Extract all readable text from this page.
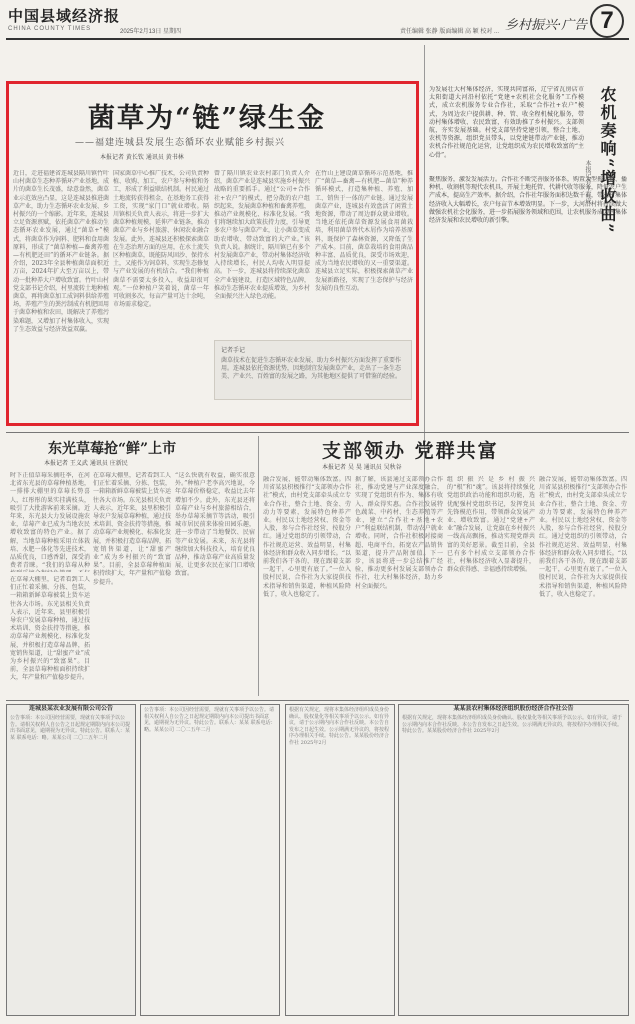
中国县域经济报
CHINA COUNTY TIMES	2025年2月13日 星期四	责任编辑 张静 版面编辑 高 颖 校对 ... 乡村振兴·广告 7
菌草为“链”绿生金
——福建连城县发展生态循环农业赋能乡村振兴
本报记者 黄长钦 通讯员 黄书林
近日，走进福建省连城县隔川镇竹叶山村菌草生态种养循环产业基地，成片的菌草生长茂盛，绿意盎然，菌草业示范效应凸显，这是连城县推进菌草产业，助力生态循环农业发展、乡村振兴的一个缩影。近年来，连城县立足资源禀赋，依托菌草产业推动生态循环农业发展，通过“菌草+”模式，将菌草作为饲料、肥料和食用菌原料，形成了“菌草种植—畜禽养殖—有机肥还田”的循环产业链条。据介绍，2023年全县种植菌草面积近万亩，2024年扩大至万亩以上，带动一批种养大户增收致富。竹叶山村党支部书记介绍，村里流转土地种植菌草，再将菌草加工成饲料供给养殖场，养殖产生的粪污制成有机肥回用于菌草种植和农田，既解决了养殖污染难题，又增加了村集体收入，实现了生态效益与经济效益双赢。
国家菌草中心推广技术，公司负责种植、收购、加工，农户参与种植和务工，形成了利益联结机制。村民通过土地流转获得租金，在基地务工获得工资，实现“家门口”就业增收。隔川镇相关负责人表示，将进一步扩大菌草种植规模，延伸产业链条，推动菌草产业与乡村旅游、休闲农业融合发展。此外，连城县还积极探索菌草在生态治理方面的应用，在水土流失区种植菌草，既能防风固沙、保持水土，又能作为饲草料，实现生态修复与产业发展的有机结合。“我们种植菌草不需要太多投入，收益却很可观。”一位种植户笑着说，菌草一年可收割多次，每亩产量可达十余吨，市场需求稳定。
曾了隔川镇农业农村部门负责人介绍，菌草产业是连城县实施乡村振兴战略的重要抓手。通过“公司+合作社+农户”的模式，把分散的农户组织起来，发展菌草种植和畜禽养殖，推动产业规模化、标准化发展。“我们将继续加大政策扶持力度，引导更多农户参与菌草产业，让小菌草变成助农增收、带动致富的大产业。”该负责人说。据统计，隔川镇已有多个村发展菌草产业，带动村集体经济收入持续增长，村民人均收入明显提高。下一步，连城县将持续深化菌草全产业链建设，打造区域特色品牌，推动生态循环农业提质增效，为乡村全面振兴注入绿色动能。
在竹山上建设菌草循环示范基地，推广“菌草—畜禽—有机肥—菌草”种养循环模式，打造集种植、养殖、加工、销售于一体的产业链。通过发展菌草产业，连城县有效盘活了闲置土地资源，带动了周边群众就业增收。当地还依托菌草资源发展食用菌栽培，利用菌草替代木屑作为培养基原料，既保护了森林资源，又降低了生产成本。目前，菌草栽培的食用菌品种丰富、品质优良，深受市场欢迎，成为当地农民增收的又一重要渠道。连城县立足实际，积极探索菌草产业发展新路径，实现了生态保护与经济发展的良性互动。
记者手记
菌草技术在促进生态循环农业发展、助力乡村振兴方面发挥了重要作用。连城县依托资源优势，因地制宜发展菌草产业，走出了一条生态美、产业兴、百姓富的发展之路，为其他地区提供了可借鉴的经验。
为发展壮大村集体经济，实现共同富裕，辽宁省瓦房店市太阳街道大河沿村依托“党建+农机社会化服务”工作模式，成立农机服务专业合作社，采取“合作社+农户”模式，为周边农户提供耕、种、管、收全程机械化服务，带动村集体增收、农民致富，有效助推了乡村振兴。支部领航，夯实发展基础。村党支部坚持党建引领，整合土地、农机等资源，组织党员带头，以党建链带动产业链，推动农机合作社规范化运营，让党组织成为农民增收致富的“主心骨”。	农机奏响“增收曲”
本报记者 王有成
聚焦服务，激发发展活力。合作社不断完善服务体系，购置大型拖拉机、播种机、收割机等现代农机具，开展土地托管、代耕代收等服务，降低农户生产成本，提高生产效率。据介绍，合作社年服务面积达数千亩，带动村集体经济收入大幅增长，农户每亩节本增效明显。下一步，大河沿村将持续做大做强农机社会化服务，进一步拓展服务领域和范围，让农机服务成为村集体经济发展和农民增收的新引擎。
东光草莓抢“鲜”上市
本报记者 王义武 通讯员 庄新民
时下正值草莓采摘旺季，在河北省东光县的草莓种植基地，一排排大棚里的草莓长势喜人，红彤彤的果实挂满枝头，吸引了大批游客前来采摘。近年来，东光县大力发展设施农业，草莓产业已成为当地农民增收致富的特色产业。据了解，当地草莓种植采用立体栽培、水肥一体化等先进技术，品质优良，口感香甜，深受消费者青睐。“我们的草莓从种
在草莓大棚里，记者看到工人们正忙着采摘、分拣、包装，一箱箱新鲜草莓被装上货车运往各大市场。东光县相关负责人表示，近年来，县里积极引导农户发展草莓种植，通过技术培训、资金扶持等措施，推动草莓产业规模化、标准化发展，并积极打造草莓品牌，拓宽销售渠道，让“甜蜜产业”成为乡村振兴的“致富果”。目前，全县草莓种植面积持续扩大，年产量和产值稳步提升。
在草莓大棚里，记者看到工人们正忙着采摘、分拣、包装，一箱箱新鲜草莓被装上货车运往各大市场。东光县相关负责人表示，近年来，县里积极引导农户发展草莓种植，通过技术培训、资金扶持等措施，推动草莓产业规模化、标准化发展，并积极打造草莓品牌，拓宽销售渠道，让“甜蜜产业”成为乡村振兴的“致富果”。目前，全县草莓种植面积持续扩大，年产量和产值稳步提升。
“这么快就有收益，确实很意外。”种植户老李高兴地说，今年草莓价格稳定，收益比去年增加不少。此外，东光县还将草莓产业与乡村旅游相结合，举办草莓采摘节等活动，吸引城市居民前来体验田园乐趣，进一步带动了当地餐饮、民宿等产业发展。未来，东光县将继续加大科技投入，培育优良品种，推动草莓产业高质量发展，让更多农民在家门口增收致富。
支部领办 党群共富
本报记者 吴 昊 通讯员 吴秋谷
融合发展，能带动集体致富。四川省某县积极推行“支部领办合作社”模式，由村党支部牵头成立专业合作社，整合土地、资金、劳动力等要素，发展特色种养产业。村民以土地经营权、资金等入股，参与合作社经营，按股分红。通过党组织的引领带动，合作社规范运营、效益明显，村集体经济和群众收入同步增长。“以前我们各干各的，现在跟着支部一起干，心里更有底了。”一位入股村民说，合作社为大家提供技术指导和销售渠道，种植风险降低了，收入也稳定了。
据了解，该县通过支部领办合作社，推动党建与产业深度融合，实现了党组织有作为、集体有收入、群众得实惠。合作社发展特色蔬菜、中药材、生态养殖等产业，建立“合作社+基地+农户”利益联结机制，带动农户就业增收。同时，合作社积极对接商超、电商平台，拓宽农产品销售渠道，提升产品附加值。下一步，该县将进一步总结推广经验，推动更多村发展支部领办合作社，壮大村集体经济，助力乡村全面振兴。
组织振兴是乡村振兴的“根”和“魂”。该县将持续强化党组织政治功能和组织功能，选优配强村党组织书记，发挥党员先锋模范作用，带领群众发展产业、增收致富。通过“党建+产业”融合发展，让党旗在乡村振兴一线高高飘扬，推动实现党群共富的美好愿景。截至目前，全县已有多个村成立支部领办合作社，村集体经济收入显著提升，群众获得感、幸福感持续增强。
融合发展，能带动集体致富。四川省某县积极推行“支部领办合作社”模式，由村党支部牵头成立专业合作社，整合土地、资金、劳动力等要素，发展特色种养产业。村民以土地经营权、资金等入股，参与合作社经营，按股分红。通过党组织的引领带动，合作社规范运营、效益明显，村集体经济和群众收入同步增长。“以前我们各干各的，现在跟着支部一起干，心里更有底了。”一位入股村民说，合作社为大家提供技术指导和销售渠道，种植风险降低了，收入也稳定了。
连城县某农业发展有限公司公告
公告事项：本公司因经营需要，现就有关事项予以公告。请相关权利人自公告之日起规定期限内向本公司提出书面意见，逾期视为无异议。特此公告。联系人：某某 联系电话：略。某某公司 二〇二五年二月
公告事项：本公司因经营需要，现就有关事项予以公告。请相关权利人自公告之日起规定期限内向本公司提出书面意见，逾期视为无异议。特此公告。联系人：某某 联系电话：略。某某公司 二〇二五年二月
根据有关规定，现将本集体经济组织成员身份确认、股权量化等相关事项予以公示。如有异议，请于公示期内向本合作社反映。本公告自发布之日起生效。公示期满无异议的，将按程序办理相关手续。特此公告。某某股份经济合作社 2025年2月
某某县农村集体经济组织股份经济合作社公告
根据有关规定，现将本集体经济组织成员身份确认、股权量化等相关事项予以公示。如有异议，请于公示期内向本合作社反映。本公告自发布之日起生效。公示期满无异议的，将按程序办理相关手续。特此公告。某某股份经济合作社 2025年2月
